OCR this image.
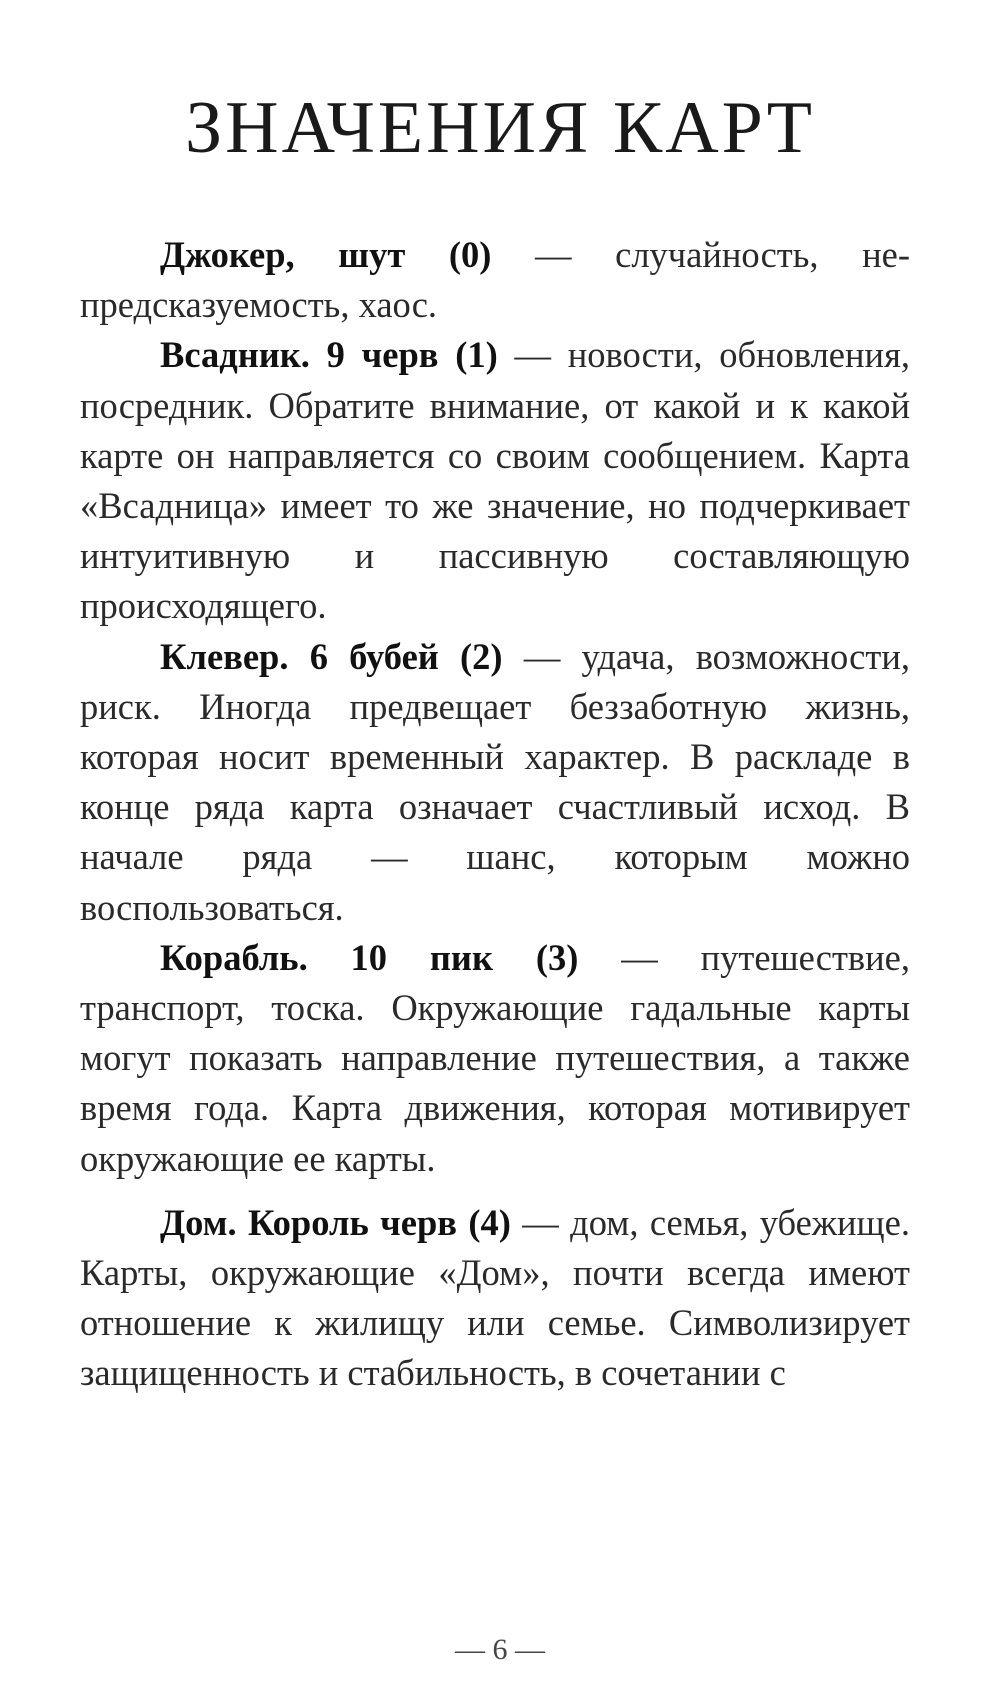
ЗНАЧЕНИЯ КАРТ

Джокер, шут (0) — случайность, непредсказуемость, хаос.

Всадник. 9 черв (1) — новости, обновления, посредник. Обратите внимание, от какой и к какой карте он направляется со своим сообщением. Карта «Всадница» имеет то же значение, но подчеркивает интуитивную и пассивную составляющую происходящего.

Клевер. 6 бубей (2) — удача, возможности, риск. Иногда предвещает беззаботную жизнь, которая носит временный характер. В раскладе в конце ряда карта означает счастливый исход. В начале ряда — шанс, которым можно воспользоваться.

Корабль. 10 пик (3) — путешествие, транспорт, тоска. Окружающие гадальные карты могут показать направление путешествия, а также время года. Карта движения, которая мотивирует окружающие ее карты.

Дом. Король черв (4) — дом, семья, убежище. Карты, окружающие «Дом», почти всегда имеют отношение к жилищу или семье. Символизирует защищенность и стабильность, в сочетании с

— 6 —
